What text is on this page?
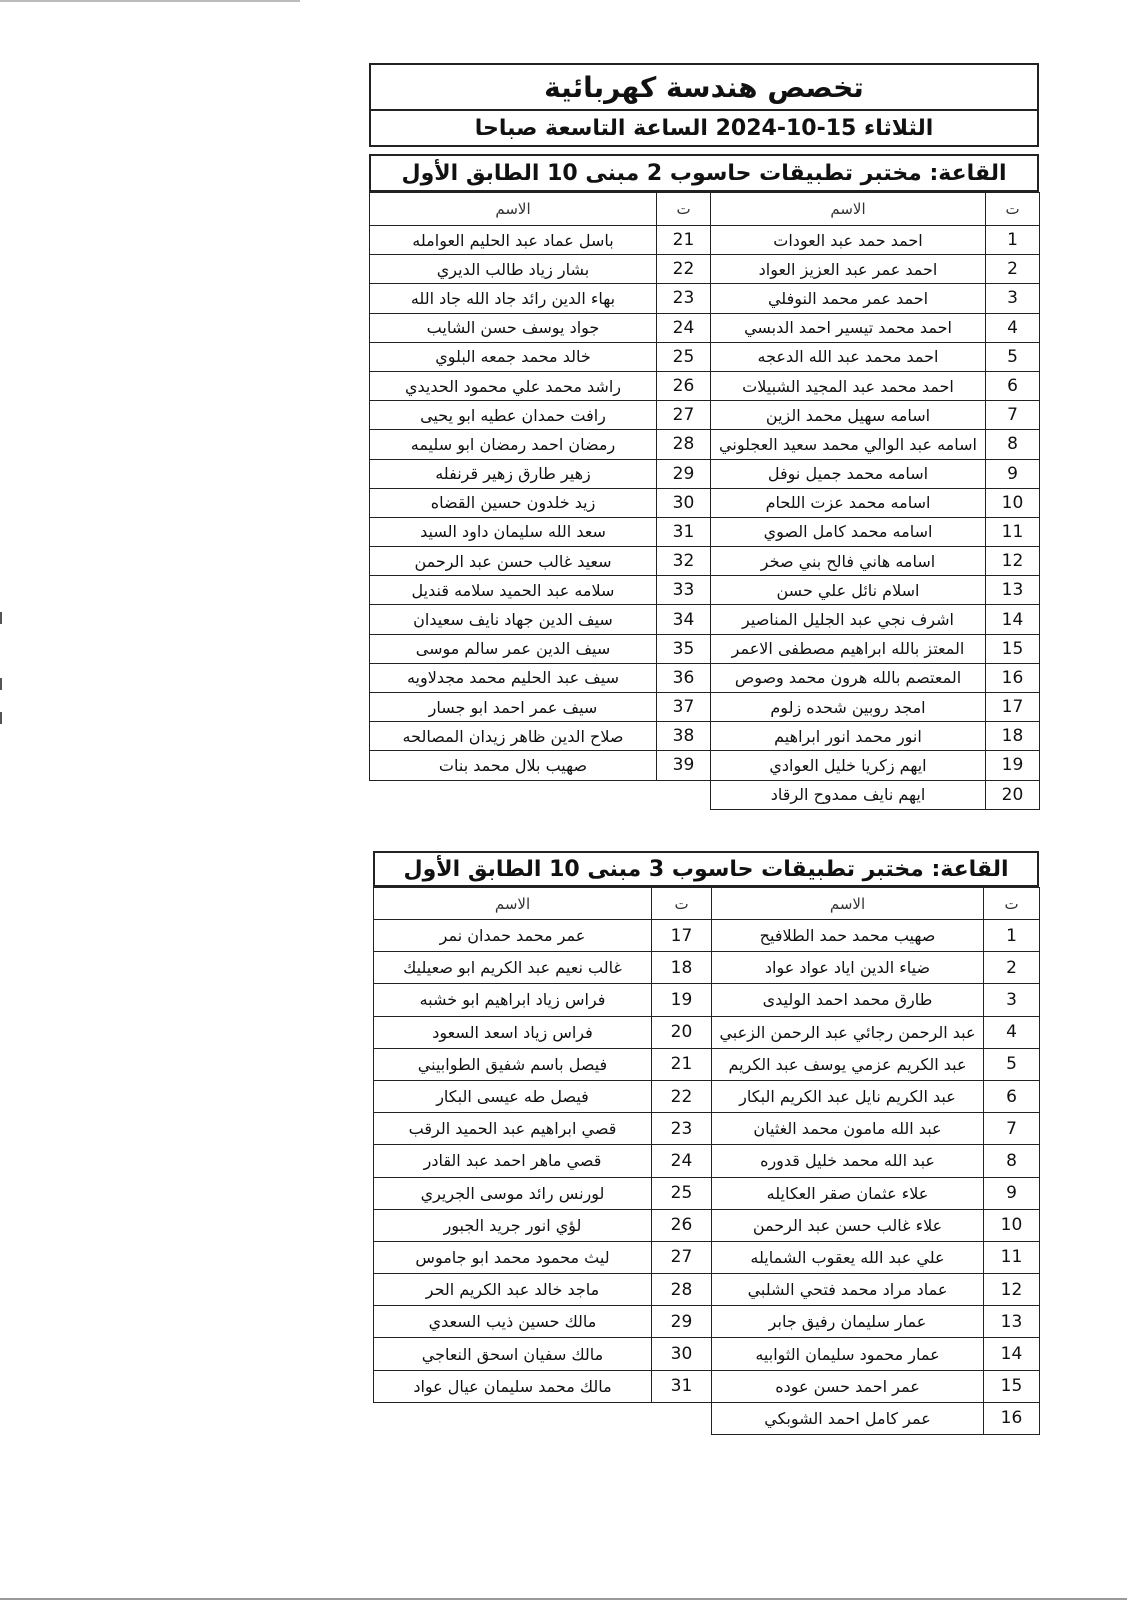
تخصص هندسة كهربائية
الثلاثاء 15-10-2024 الساعة التاسعة صباحا
القاعة: مختبر تطبيقات حاسوب 2 مبنى 10 الطابق الأول
ت	الاسم	ت	الاسم
1	احمد حمد عبد العودات	21	باسل عماد عبد الحليم العوامله
2	احمد عمر عبد العزيز العواد	22	بشار زياد طالب الديري
3	احمد عمر محمد النوفلي	23	بهاء الدين رائد جاد الله جاد الله
4	احمد محمد تيسير احمد الدبسي	24	جواد يوسف حسن الشايب
5	احمد محمد عبد الله الدعجه	25	خالد محمد جمعه البلوي
6	احمد محمد عبد المجيد الشبيلات	26	راشد محمد علي محمود الحديدي
7	اسامه سهيل محمد الزين	27	رافت حمدان عطيه ابو يحيى
8	اسامه عبد الوالي محمد سعيد العجلوني	28	رمضان احمد رمضان ابو سليمه
9	اسامه محمد جميل نوفل	29	زهير طارق زهير قرنفله
10	اسامه محمد عزت اللحام	30	زيد خلدون حسين القضاه
11	اسامه محمد كامل الصوي	31	سعد الله سليمان داود السيد
12	اسامه هاني فالح بني صخر	32	سعيد غالب حسن عبد الرحمن
13	اسلام نائل علي حسن	33	سلامه عبد الحميد سلامه قنديل
14	اشرف نجي عبد الجليل المناصير	34	سيف الدين جهاد نايف سعيدان
15	المعتز بالله ابراهيم مصطفى الاعمر	35	سيف الدين عمر سالم موسى
16	المعتصم بالله هرون محمد وصوص	36	سيف عبد الحليم محمد مجدلاويه
17	امجد روبين شحده زلوم	37	سيف عمر احمد ابو جسار
18	انور محمد انور ابراهيم	38	صلاح الدين ظاهر زيدان المصالحه
19	ايهم زكريا خليل العوادي	39	صهيب بلال محمد بنات
20	ايهم نايف ممدوح الرقاد		
القاعة: مختبر تطبيقات حاسوب 3 مبنى 10 الطابق الأول
ت	الاسم	ت	الاسم
1	صهيب محمد حمد الطلافيح	17	عمر محمد حمدان نمر
2	ضياء الدين اياد عواد عواد	18	غالب نعيم عبد الكريم ابو صعيليك
3	طارق محمد احمد الوليدى	19	فراس زياد ابراهيم ابو خشبه
4	عبد الرحمن رجائي عبد الرحمن الزعبي	20	فراس زياد اسعد السعود
5	عبد الكريم عزمي يوسف عبد الكريم	21	فيصل باسم شفيق الطوابيني
6	عبد الكريم نايل عبد الكريم البكار	22	فيصل طه عيسى البكار
7	عبد الله مامون محمد الغثيان	23	قصي ابراهيم عبد الحميد الرقب
8	عبد الله محمد خليل قدوره	24	قصي ماهر احمد عبد القادر
9	علاء عثمان صقر العكايله	25	لورنس رائد موسى الجريري
10	علاء غالب حسن عبد الرحمن	26	لؤي انور جريد الجبور
11	علي عبد الله يعقوب الشمايله	27	ليث محمود محمد ابو جاموس
12	عماد مراد محمد فتحي الشلبي	28	ماجد خالد عبد الكريم الحر
13	عمار سليمان رفيق جابر	29	مالك حسين ذيب السعدي
14	عمار محمود سليمان الثوابيه	30	مالك سفيان اسحق النعاجي
15	عمر احمد حسن عوده	31	مالك محمد سليمان عيال عواد
16	عمر كامل احمد الشوبكي		
